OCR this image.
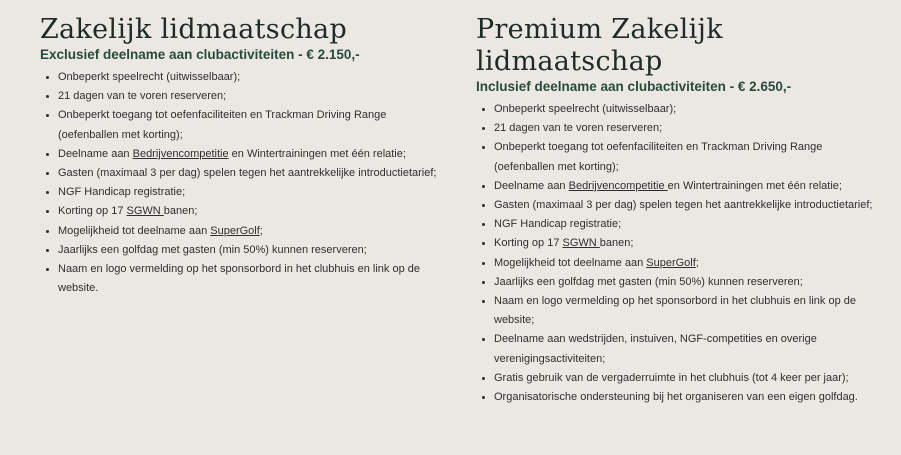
Zakelijk lidmaatschap

Exclusief deelname aan clubactiviteiten - € 2.150,-

• Onbeperkt speelrecht (uitwisselbaar);
• 21 dagen van te voren reserveren;
• Onbeperkt toegang tot oefenfaciliteiten en Trackman Driving Range (oefenballen met korting);
• Deelname aan Bedrijvencompetitie en Wintertrainingen met één relatie;
• Gasten (maximaal 3 per dag) spelen tegen het aantrekkelijke introductietarief;
• NGF Handicap registratie;
• Korting op 17 SGWN banen;
• Mogelijkheid tot deelname aan SuperGolf;
• Jaarlijks een golfdag met gasten (min 50%) kunnen reserveren;
• Naam en logo vermelding op het sponsorbord in het clubhuis en link op de website.
Premium Zakelijk lidmaatschap

Inclusief deelname aan clubactiviteiten - € 2.650,-

• Onbeperkt speelrecht (uitwisselbaar);
• 21 dagen van te voren reserveren;
• Onbeperkt toegang tot oefenfaciliteiten en Trackman Driving Range (oefenballen met korting);
• Deelname aan Bedrijvencompetitie en Wintertrainingen met één relatie;
• Gasten (maximaal 3 per dag) spelen tegen het aantrekkelijke introductietarief;
• NGF Handicap registratie;
• Korting op 17 SGWN banen;
• Mogelijkheid tot deelname aan SuperGolf;
• Jaarlijks een golfdag met gasten (min 50%) kunnen reserveren;
• Naam en logo vermelding op het sponsorbord in het clubhuis en link op de website;
• Deelname aan wedstrijden, instuiven, NGF-competities en overige verenigingsactiviteiten;
• Gratis gebruik van de vergaderruimte in het clubhuis (tot 4 keer per jaar);
• Organisatorische ondersteuning bij het organiseren van een eigen golfdag.
